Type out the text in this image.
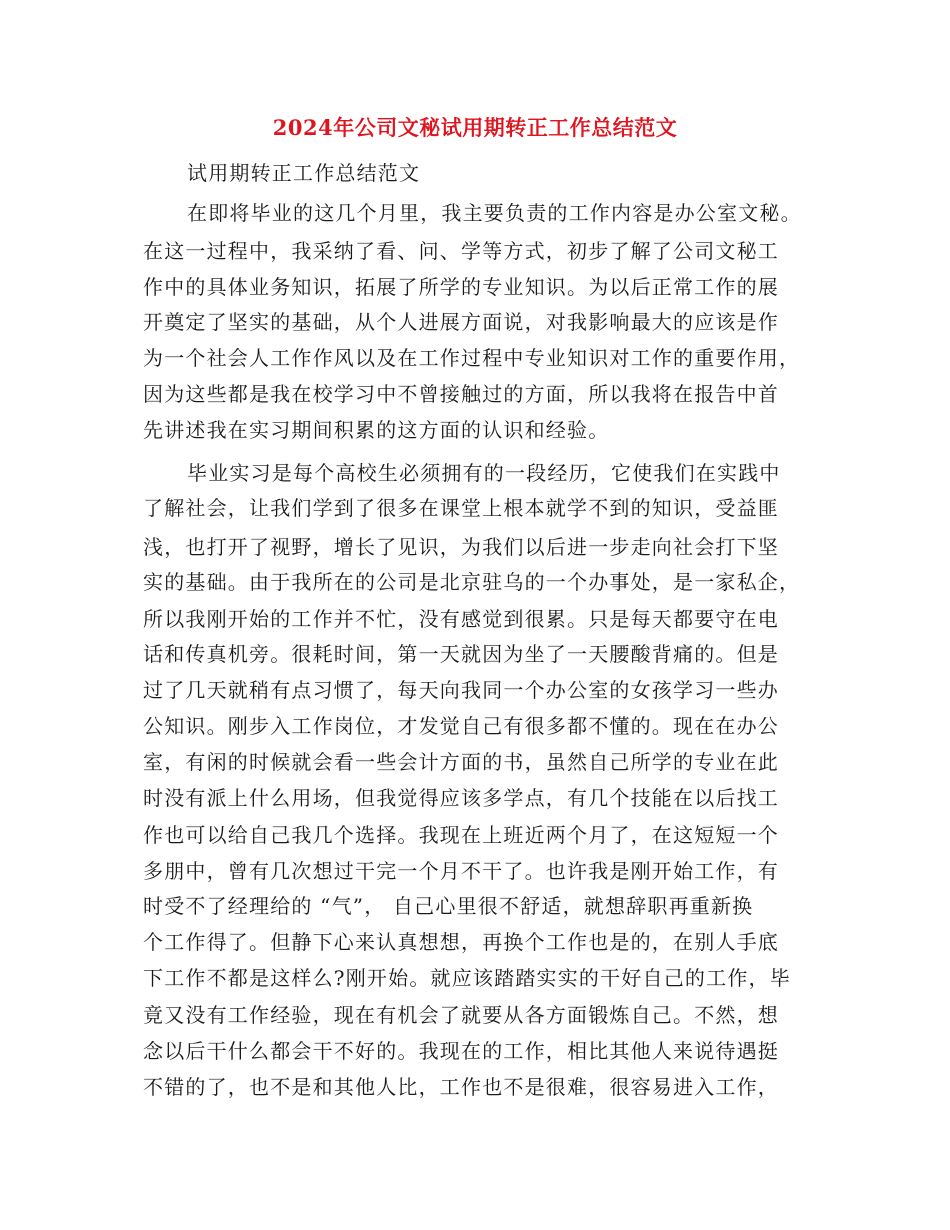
2024年公司文秘试用期转正工作总结范文
试用期转正工作总结范文
在即将毕业的这几个月里，我主要负责的工作内容是办公室文秘。
在这一过程中，我采纳了看、问、学等方式，初步了解了公司文秘工
作中的具体业务知识，拓展了所学的专业知识。为以后正常工作的展
开奠定了坚实的基础，从个人进展方面说，对我影响最大的应该是作
为一个社会人工作作风以及在工作过程中专业知识对工作的重要作用，
因为这些都是我在校学习中不曾接触过的方面，所以我将在报告中首
先讲述我在实习期间积累的这方面的认识和经验。
毕业实习是每个高校生必须拥有的一段经历，它使我们在实践中
了解社会，让我们学到了很多在课堂上根本就学不到的知识，受益匪
浅，也打开了视野，增长了见识，为我们以后进一步走向社会打下坚
实的基础。由于我所在的公司是北京驻乌的一个办事处，是一家私企，
所以我刚开始的工作并不忙，没有感觉到很累。只是每天都要守在电
话和传真机旁。很耗时间，第一天就因为坐了一天腰酸背痛的。但是
过了几天就稍有点习惯了，每天向我同一个办公室的女孩学习一些办
公知识。刚步入工作岗位，才发觉自己有很多都不懂的。现在在办公
室，有闲的时候就会看一些会计方面的书，虽然自己所学的专业在此
时没有派上什么用场，但我觉得应该多学点，有几个技能在以后找工
作也可以给自己我几个选择。我现在上班近两个月了，在这短短一个
多朋中，曾有几次想过干完一个月不干了。也许我是刚开始工作，有
时受不了经理给的 “气”， 自己心里很不舒适，就想辞职再重新换
个工作得了。但静下心来认真想想，再换个工作也是的，在别人手底
下工作不都是这样么?刚开始。就应该踏踏实实的干好自己的工作，毕
竟又没有工作经验，现在有机会了就要从各方面锻炼自己。不然，想
念以后干什么都会干不好的。我现在的工作，相比其他人来说待遇挺
不错的了，也不是和其他人比，工作也不是很难，很容易进入工作，
